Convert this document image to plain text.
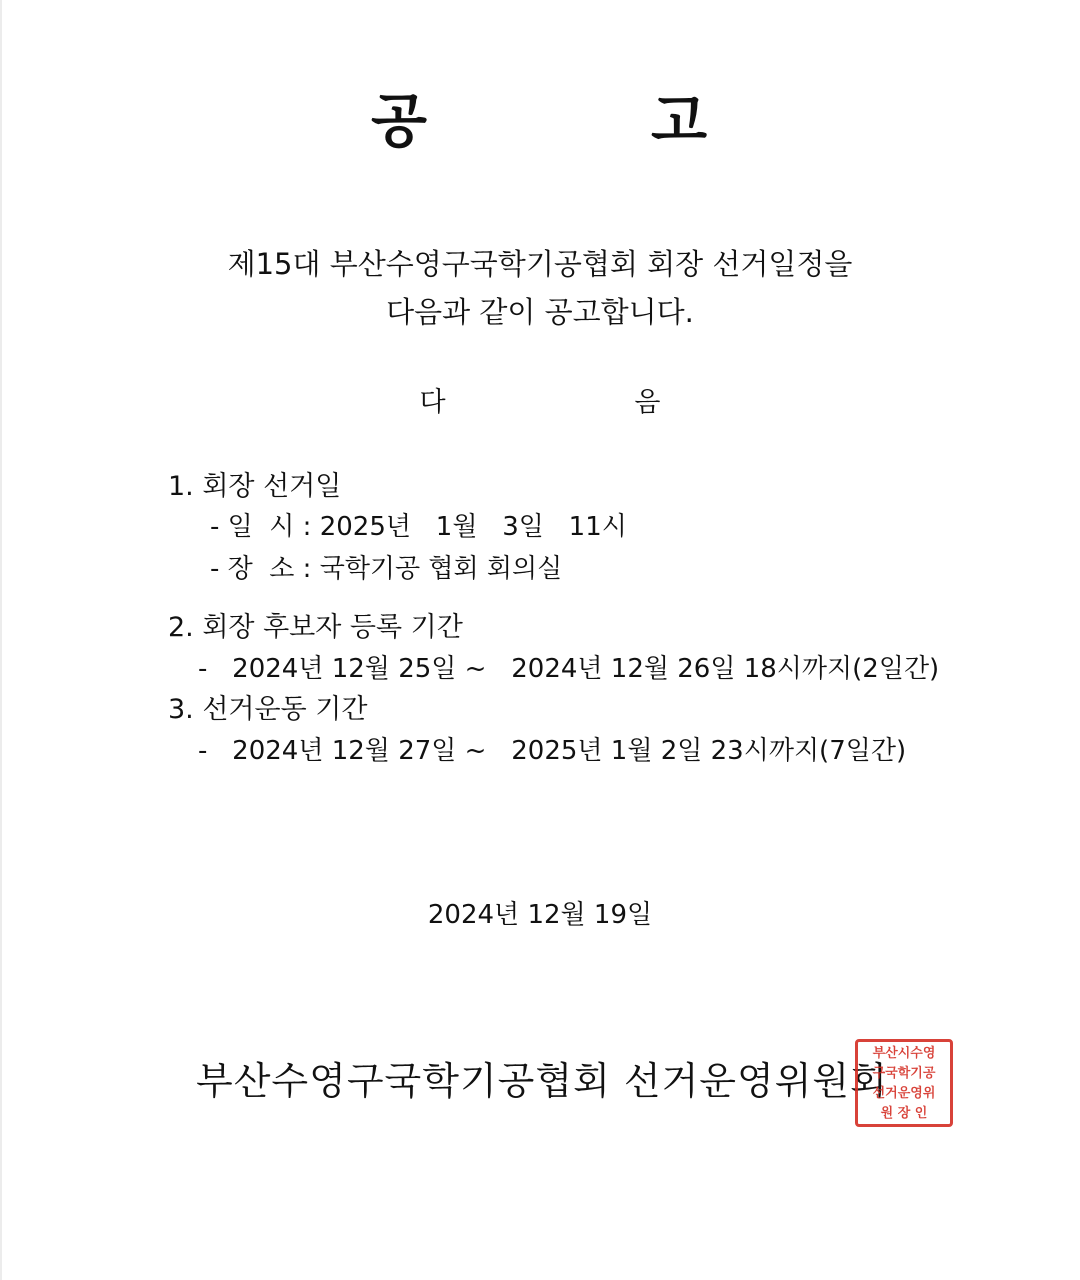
공          고
제15대 부산수영구국학기공협회 회장 선거일정을
다음과 같이 공고합니다.
다                      음
1. 회장 선거일
- 일  시 : 2025년   1월   3일   11시
- 장  소 : 국학기공 협회 회의실
2. 회장 후보자 등록 기간
-   2024년 12월 25일 ~   2024년 12월 26일 18시까지(2일간)
3. 선거운동 기간
-   2024년 12월 27일 ~   2025년 1월 2일 23시까지(7일간)
2024년 12월 19일
부산수영구국학기공협회 선거운영위원회
부산시수영
구국학기공
선거운영위
원 장 인
